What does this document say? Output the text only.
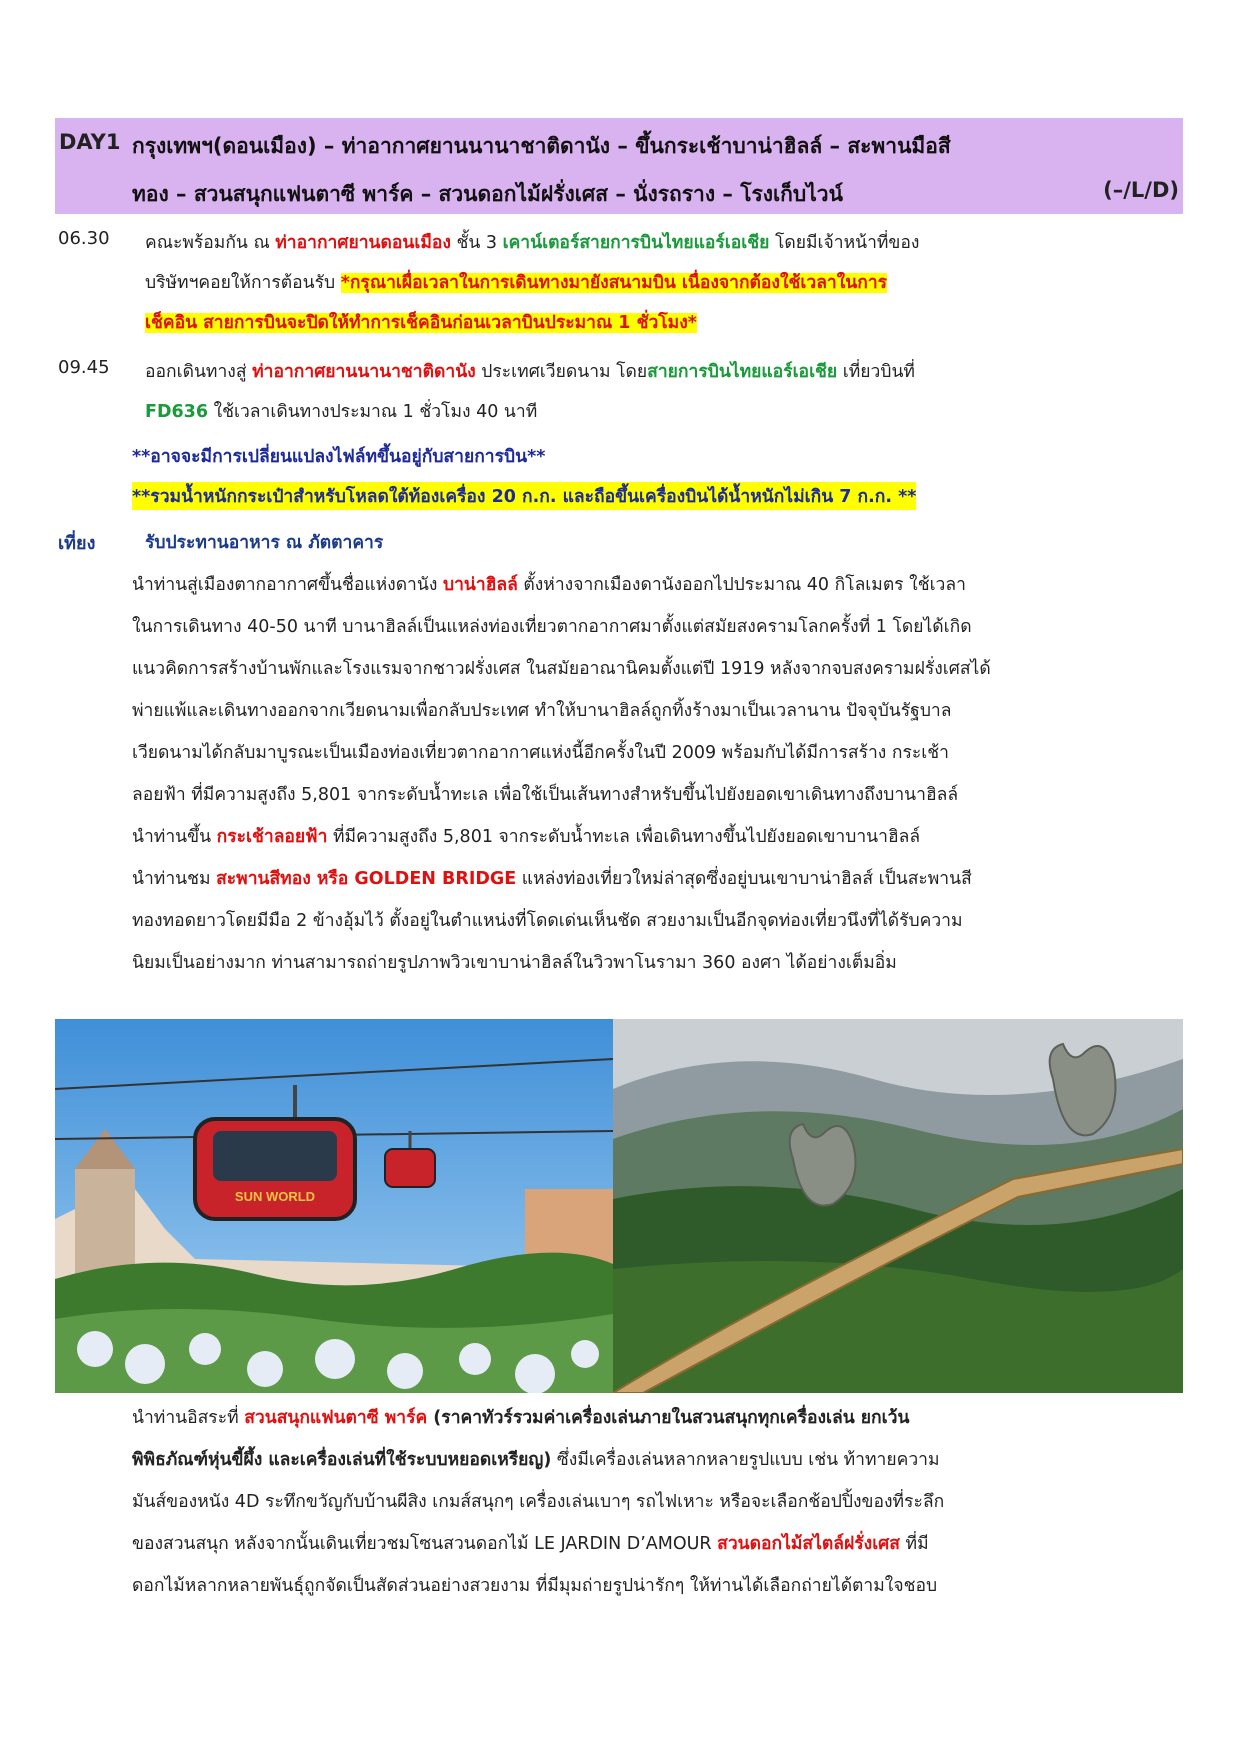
DAY1 กรุงเทพฯ(ดอนเมือง) – ท่าอากาศยานนานาชาติดานัง – ขึ้นกระเช้าบาน่าฮิลล์ – สะพานมือสี
ทอง – สวนสนุกแฟนตาซี พาร์ค – สวนดอกไม้ฝรั่งเศส – นั่งรถราง – โรงเก็บไวน์	(–/L/D)
06.30 คณะพร้อมกัน ณ ท่าอากาศยานดอนเมือง ชั้น 3 เคาน์เตอร์สายการบินไทยแอร์เอเชีย โดยมีเจ้าหน้าที่ของ
บริษัทฯคอยให้การต้อนรับ *กรุณาเผื่อเวลาในการเดินทางมายังสนามบิน เนื่องจากต้องใช้เวลาในการ
เช็คอิน สายการบินจะปิดให้ทำการเช็คอินก่อนเวลาบินประมาณ 1 ชั่วโมง*
09.45 ออกเดินทางสู่ ท่าอากาศยานนานาชาติดานัง ประเทศเวียดนาม โดยสายการบินไทยแอร์เอเชีย เที่ยวบินที่
FD636 ใช้เวลาเดินทางประมาณ 1 ชั่วโมง 40 นาที
**อาจจะมีการเปลี่ยนแปลงไฟล์ทขึ้นอยู่กับสายการบิน**
**รวมน้ำหนักกระเป๋าสำหรับโหลดใต้ท้องเครื่อง 20 ก.ก. และถือขึ้นเครื่องบินได้น้ำหนักไม่เกิน 7 ก.ก. **
เที่ยง	รับประทานอาหาร ณ ภัตตาคาร
นำท่านสู่เมืองตากอากาศขึ้นชื่อแห่งดานัง บาน่าฮิลล์ ตั้งห่างจากเมืองดานังออกไปประมาณ 40 กิโลเมตร ใช้เวลา
ในการเดินทาง 40-50 นาที บานาฮิลล์เป็นแหล่งท่องเที่ยวตากอากาศมาตั้งแต่สมัยสงครามโลกครั้งที่ 1 โดยได้เกิด
แนวคิดการสร้างบ้านพักและโรงแรมจากชาวฝรั่งเศส ในสมัยอาณานิคมตั้งแต่ปี 1919 หลังจากจบสงครามฝรั่งเศสได้
พ่ายแพ้และเดินทางออกจากเวียดนามเพื่อกลับประเทศ ทำให้บานาฮิลล์ถูกทิ้งร้างมาเป็นเวลานาน ปัจจุบันรัฐบาล
เวียดนามได้กลับมาบูรณะเป็นเมืองท่องเที่ยวตากอากาศแห่งนี้อีกครั้งในปี 2009 พร้อมกับได้มีการสร้าง กระเช้า
ลอยฟ้า ที่มีความสูงถึง 5,801 จากระดับน้ำทะเล เพื่อใช้เป็นเส้นทางสำหรับขึ้นไปยังยอดเขาเดินทางถึงบานาฮิลล์
นำท่านขึ้น กระเช้าลอยฟ้า ที่มีความสูงถึง 5,801 จากระดับน้ำทะเล เพื่อเดินทางขึ้นไปยังยอดเขาบานาฮิลล์
นำท่านชม สะพานสีทอง หรือ GOLDEN BRIDGE แหล่งท่องเที่ยวใหม่ล่าสุดซึ่งอยู่บนเขาบาน่าฮิลส์ เป็นสะพานสี
ทองทอดยาวโดยมีมือ 2 ข้างอุ้มไว้ ตั้งอยู่ในตำแหน่งที่โดดเด่นเห็นชัด สวยงามเป็นอีกจุดท่องเที่ยวนึงที่ได้รับความ
นิยมเป็นอย่างมาก ท่านสามารถถ่ายรูปภาพวิวเขาบาน่าฮิลล์ในวิวพาโนรามา 360 องศา ได้อย่างเต็มอิ่ม
SUN WORLD
นำท่านอิสระที่ สวนสนุกแฟนตาซี พาร์ค (ราคาทัวร์รวมค่าเครื่องเล่นภายในสวนสนุกทุกเครื่องเล่น ยกเว้น
พิพิธภัณฑ์หุ่นขี้ผึ้ง และเครื่องเล่นที่ใช้ระบบหยอดเหรียญ) ซึ่งมีเครื่องเล่นหลากหลายรูปแบบ เช่น ท้าทายความ
มันส์ของหนัง 4D ระทึกขวัญกับบ้านผีสิง เกมส์สนุกๆ เครื่องเล่นเบาๆ รถไฟเหาะ หรือจะเลือกช้อปปิ้งของที่ระลึก
ของสวนสนุก หลังจากนั้นเดินเที่ยวชมโซนสวนดอกไม้ LE JARDIN D’AMOUR สวนดอกไม้สไตล์ฝรั่งเศส ที่มี
ดอกไม้หลากหลายพันธุ์ถูกจัดเป็นสัดส่วนอย่างสวยงาม ที่มีมุมถ่ายรูปน่ารักๆ ให้ท่านได้เลือกถ่ายได้ตามใจชอบ
